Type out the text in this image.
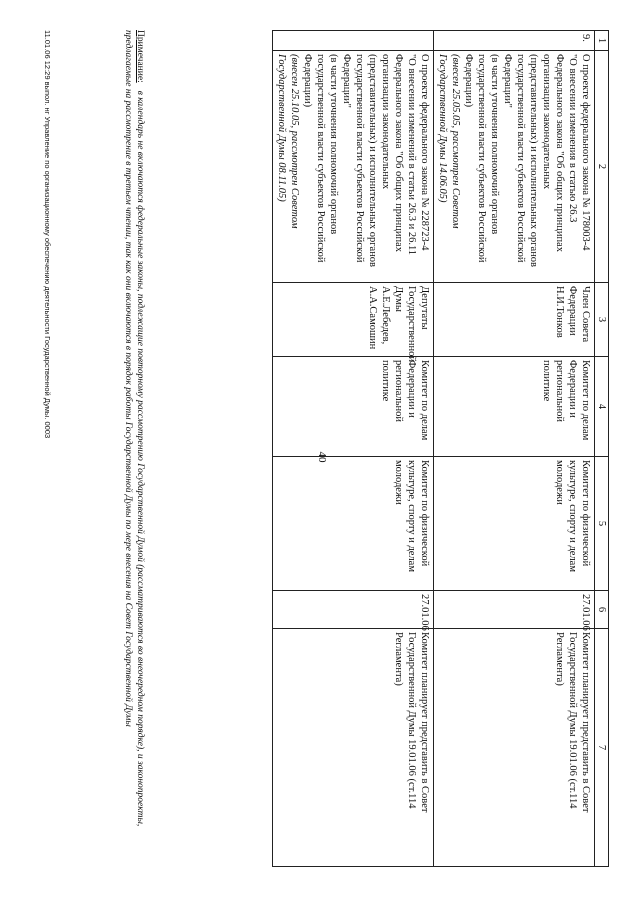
40
1	2	3	4	5	6	7
9.	О проекте федерального закона № 178003-4
"О внесении изменения в статью 26.3 Федерального закона "Об общих принципах организации законодательных (представительных) и исполнительных органов государственной власти субъектов Российской Федерации"
(в части уточнения полномочий органов государственной власти субъектов Российской Федерации)
(внесен 25.05.05, рассмотрен Советом Государственной Думы 14.06.05)	Член Совета Федерации Н.И.Тонков	Комитет по делам Федерации и региональной политике	Комитет по физической культуре, спорту и делам молодежи	27.01.06	Комитет планирует представить в Совет Государственной Думы 19.01.06 (ст.114 Регламента)

	О проекте федерального закона № 228723-4
"О внесении изменений в статьи 26.3 и 26.11 Федерального закона "Об общих принципах организации законодательных (представительных) и исполнительных органов государственной власти субъектов Российской Федерации"
(в части уточнения полномочий органов государственной власти субъектов Российской Федерации)
(внесен 25.10.05, рассмотрен Советом Государственной Думы 08.11.05)	Депутаты Государственной Думы А.Е.Лебедев, А.А.Самошин	Комитет по делам Федерации и региональной политике	Комитет по физической культуре, спорту и делам молодежи	27.01.06	Комитет планирует представить в Совет Государственной Думы 19.01.06 (ст.114 Регламента)
Примечание:в календарь не включаются федеральные законы, подлежащие повторному рассмотрению Государственной Думой (рассматриваются во внеочередном порядке), и законопроекты, предлагаемые на рассмотрение в третьем чтении, так как они включаются в порядок работы Государственной Думы по мере внесения на Совет Государственной Думы
11.01.06 12:29 выпол. нг Управление по организационному обеспечению деятельности Государственной Думы. 0003
